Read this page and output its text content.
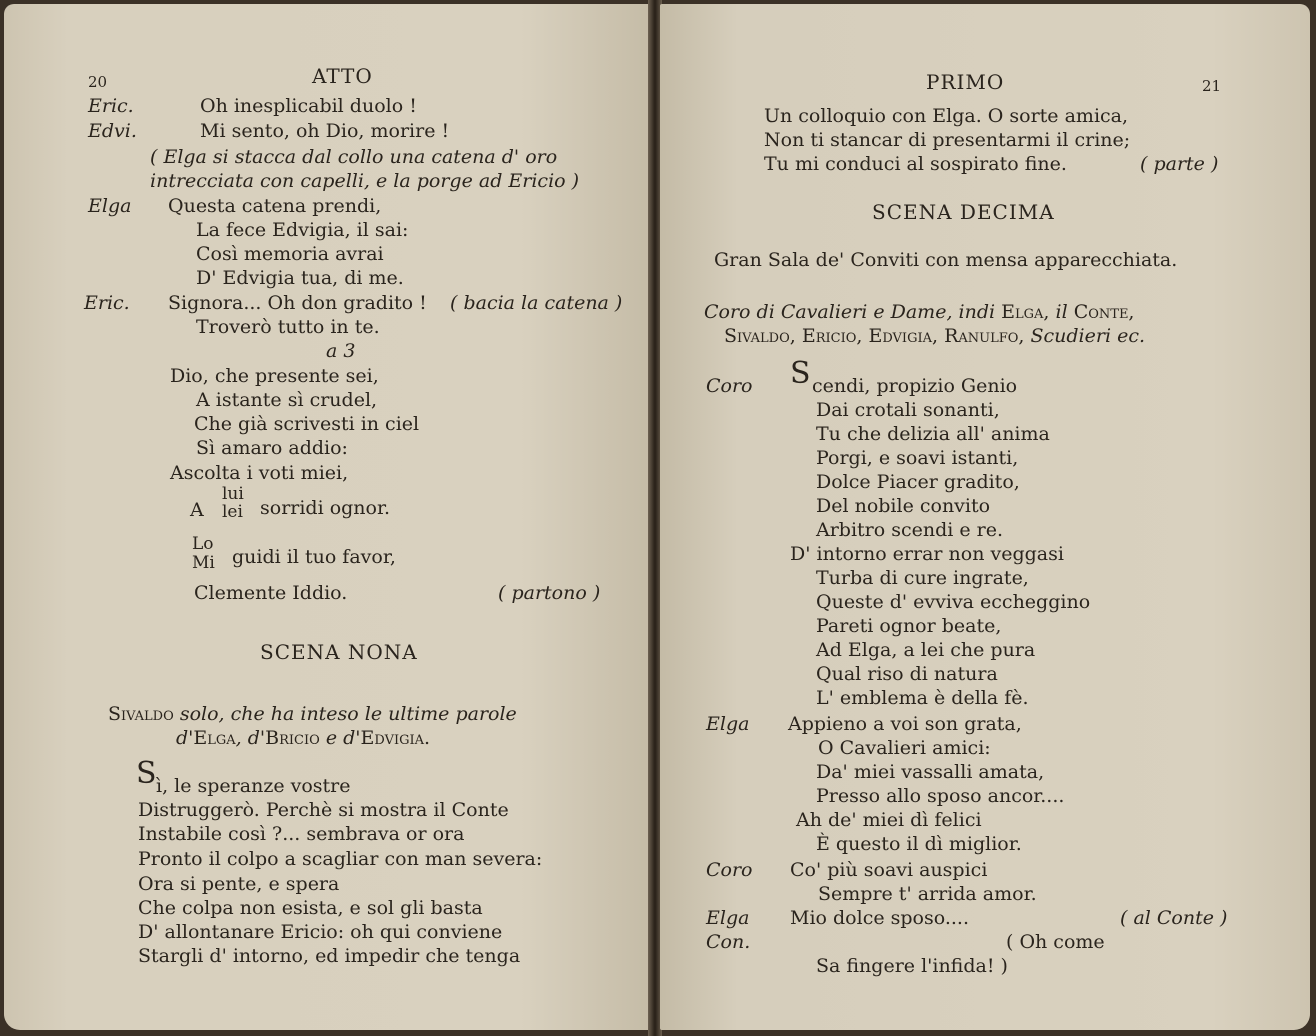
20	ATTO
Eric.	Oh inesplicabil duolo !
Edvi.	Mi sento, oh Dio, morire !
( Elga si stacca dal collo una catena d' oro
intrecciata con capelli, e la porge ad Ericio )
Elga Questa catena prendi,
La fece Edvigia, il sai:
Così memoria avrai
D' Edvigia tua, di me.
Eric. Signora... Oh don gradito ! ( bacia la catena )
Troverò tutto in te.
a 3
Dio, che presente sei,
A istante sì crudel,
Che già scrivesti in ciel
Sì amaro addio:
Ascolta i voti miei,
A
lui
lei sorridi ognor.
Lo
Mi guidi il tuo favor,
Clemente Iddio.	( partono )
SCENA NONA
Sivaldo solo, che ha inteso le ultime parole
d'Elga, d'Bricio e d'Edvigia.
S ì, le speranze vostre
Distruggerò. Perchè si mostra il Conte
Instabile così ?... sembrava or ora
Pronto il colpo a scagliar con man severa:
Ora si pente, e spera
Che colpa non esista, e sol gli basta
D' allontanare Ericio: oh qui conviene
Stargli d' intorno, ed impedir che tenga
PRIMO	21
Un colloquio con Elga. O sorte amica,
Non ti stancar di presentarmi il crine;
Tu mi conduci al sospirato fine.	( parte )
SCENA DECIMA
Gran Sala de' Conviti con mensa apparecchiata.
Coro di Cavalieri e Dame, indi Elga, il Conte,
Sivaldo, Ericio, Edvigia, Ranulfo, Scudieri ec.
Coro S cendi, propizio Genio
Dai crotali sonanti,
Tu che delizia all' anima
Porgi, e soavi istanti,
Dolce Piacer gradito,
Del nobile convito
Arbitro scendi e re.
D' intorno errar non veggasi
Turba di cure ingrate,
Queste d' evviva eccheggino
Pareti ognor beate,
Ad Elga, a lei che pura
Qual riso di natura
L' emblema è della fè.
Elga Appieno a voi son grata,
O Cavalieri amici:
Da' miei vassalli amata,
Presso allo sposo ancor....
Ah de' miei dì felici
È questo il dì miglior.
Coro Co' più soavi auspici
Sempre t' arrida amor.
Elga Mio dolce sposo....	( al Conte )
Con.	( Oh come
Sa fingere l'infida! )
